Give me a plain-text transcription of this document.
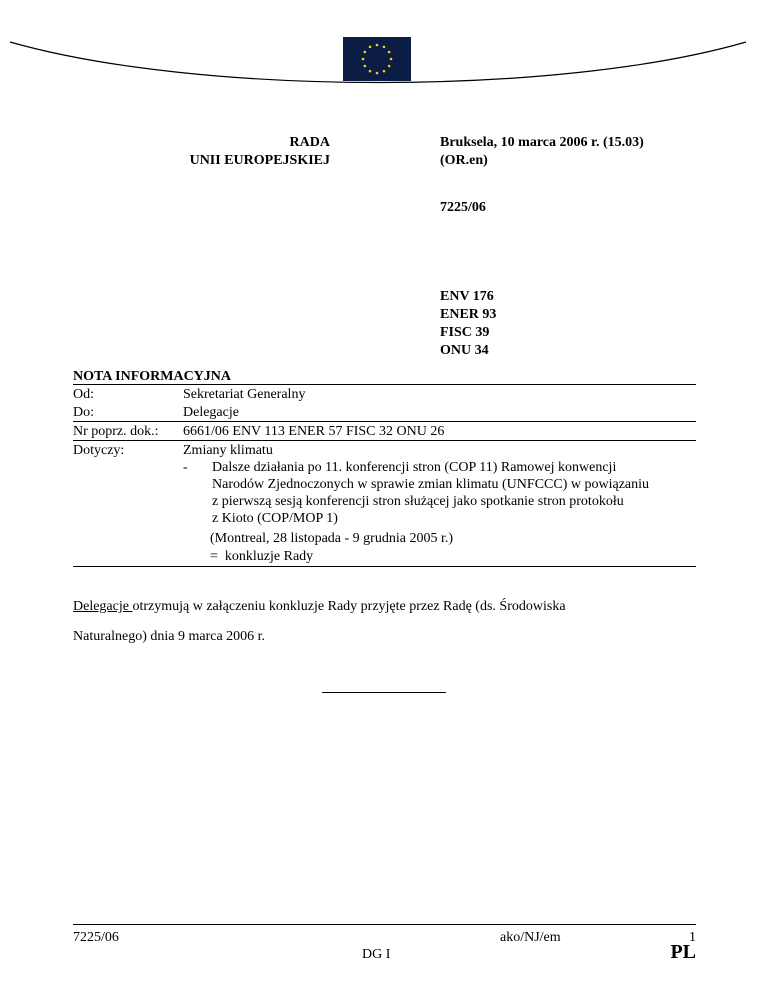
RADA
UNII EUROPEJSKIEJ
Bruksela, 10 marca 2006 r. (15.03)
(OR.en)
7225/06
ENV 176
ENER 93
FISC 39
ONU 34
NOTA INFORMACYJNA
Od:	Sekretariat Generalny
Do:	Delegacje
Nr poprz. dok.: 6661/06 ENV 113 ENER 57 FISC 32 ONU 26
Dotyczy:	Zmiany klimatu
- Dalsze działania po 11. konferencji stron (COP 11) Ramowej konwencji
Narodów Zjednoczonych w sprawie zmian klimatu (UNFCCC) w powiązaniu
z pierwszą sesją konferencji stron służącej jako spotkanie stron protokołu
z Kioto (COP/MOP 1)
(Montreal, 28 listopada - 9 grudnia 2005 r.)
=  konkluzje Rady
Delegacje otrzymują w załączeniu konkluzje Rady przyjęte przez Radę (ds. Środowiska
Naturalnego) dnia 9 marca 2006 r.
7225/06	ako/NJ/em	1
DG I	PL
